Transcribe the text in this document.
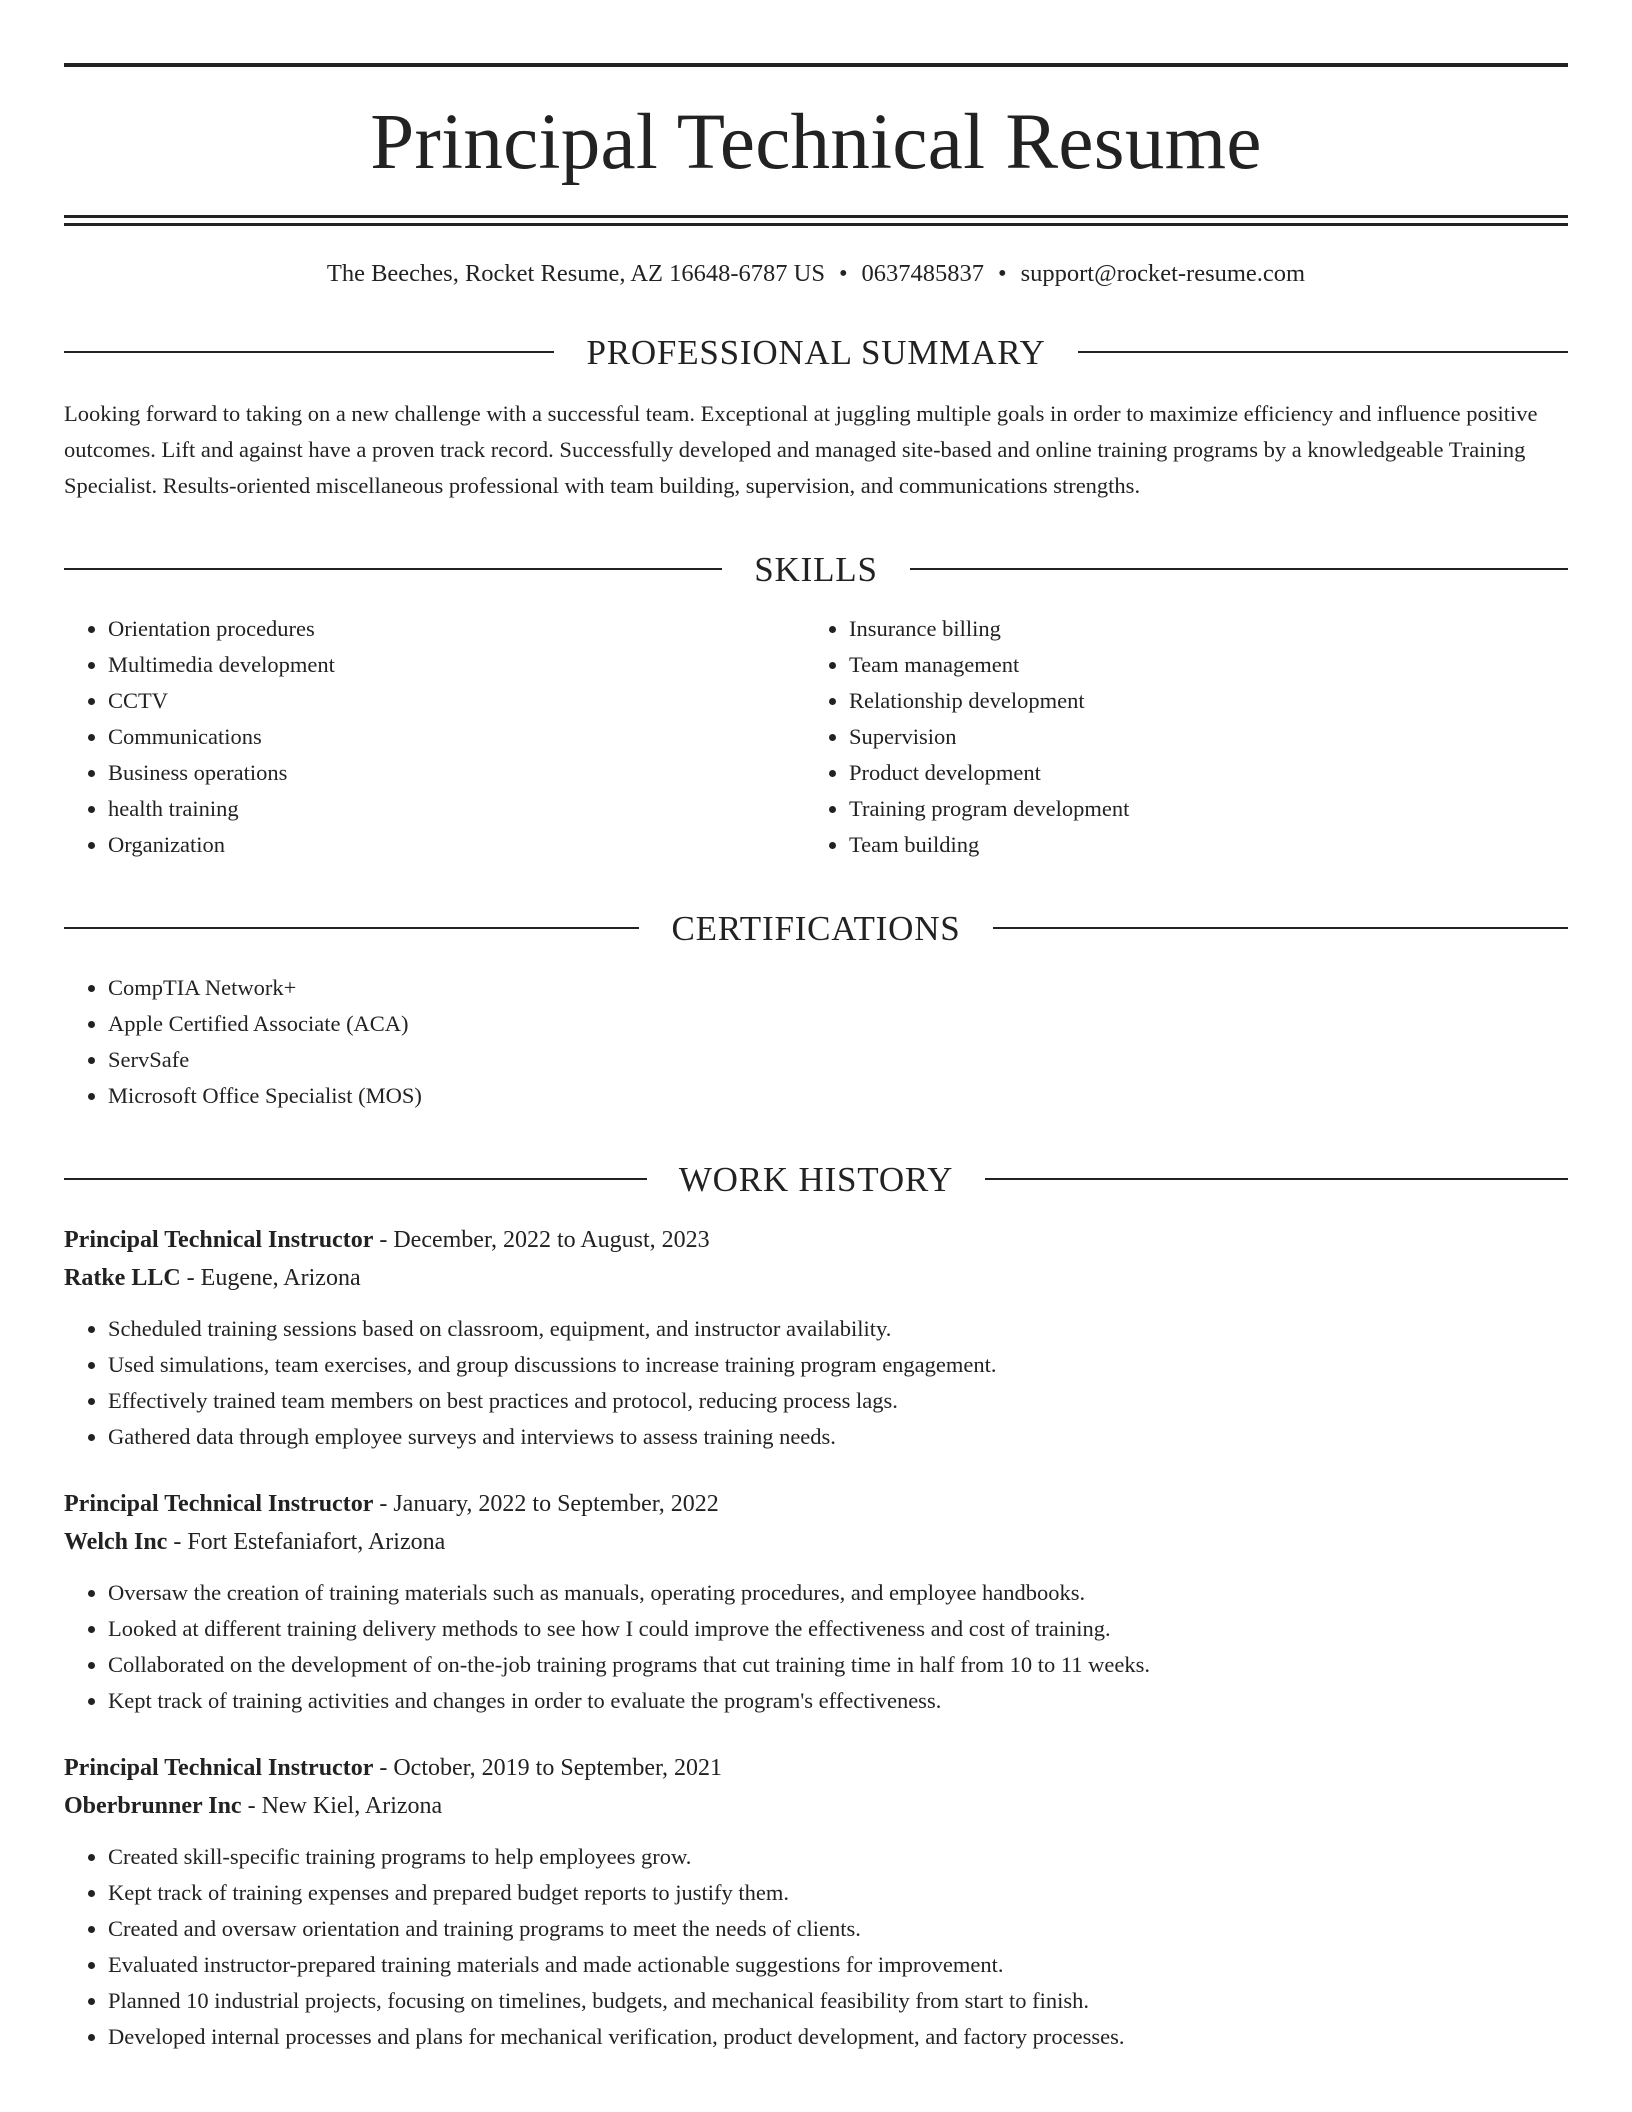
Principal Technical Resume
The Beeches, Rocket Resume, AZ 16648-6787 US • 0637485837 • support@rocket-resume.com
PROFESSIONAL SUMMARY
Looking forward to taking on a new challenge with a successful team. Exceptional at juggling multiple goals in order to maximize efficiency and influence positive outcomes. Lift and against have a proven track record. Successfully developed and managed site-based and online training programs by a knowledgeable Training Specialist. Results-oriented miscellaneous professional with team building, supervision, and communications strengths.
SKILLS
• Orientation procedures
• Multimedia development
• CCTV
• Communications
• Business operations
• health training
• Organization
• Insurance billing
• Team management
• Relationship development
• Supervision
• Product development
• Training program development
• Team building
CERTIFICATIONS
• CompTIA Network+
• Apple Certified Associate (ACA)
• ServSafe
• Microsoft Office Specialist (MOS)
WORK HISTORY
Principal Technical Instructor - December, 2022 to August, 2023
Ratke LLC - Eugene, Arizona
• Scheduled training sessions based on classroom, equipment, and instructor availability.
• Used simulations, team exercises, and group discussions to increase training program engagement.
• Effectively trained team members on best practices and protocol, reducing process lags.
• Gathered data through employee surveys and interviews to assess training needs.
Principal Technical Instructor - January, 2022 to September, 2022
Welch Inc - Fort Estefaniafort, Arizona
• Oversaw the creation of training materials such as manuals, operating procedures, and employee handbooks.
• Looked at different training delivery methods to see how I could improve the effectiveness and cost of training.
• Collaborated on the development of on-the-job training programs that cut training time in half from 10 to 11 weeks.
• Kept track of training activities and changes in order to evaluate the program's effectiveness.
Principal Technical Instructor - October, 2019 to September, 2021
Oberbrunner Inc - New Kiel, Arizona
• Created skill-specific training programs to help employees grow.
• Kept track of training expenses and prepared budget reports to justify them.
• Created and oversaw orientation and training programs to meet the needs of clients.
• Evaluated instructor-prepared training materials and made actionable suggestions for improvement.
• Planned 10 industrial projects, focusing on timelines, budgets, and mechanical feasibility from start to finish.
• Developed internal processes and plans for mechanical verification, product development, and factory processes.
